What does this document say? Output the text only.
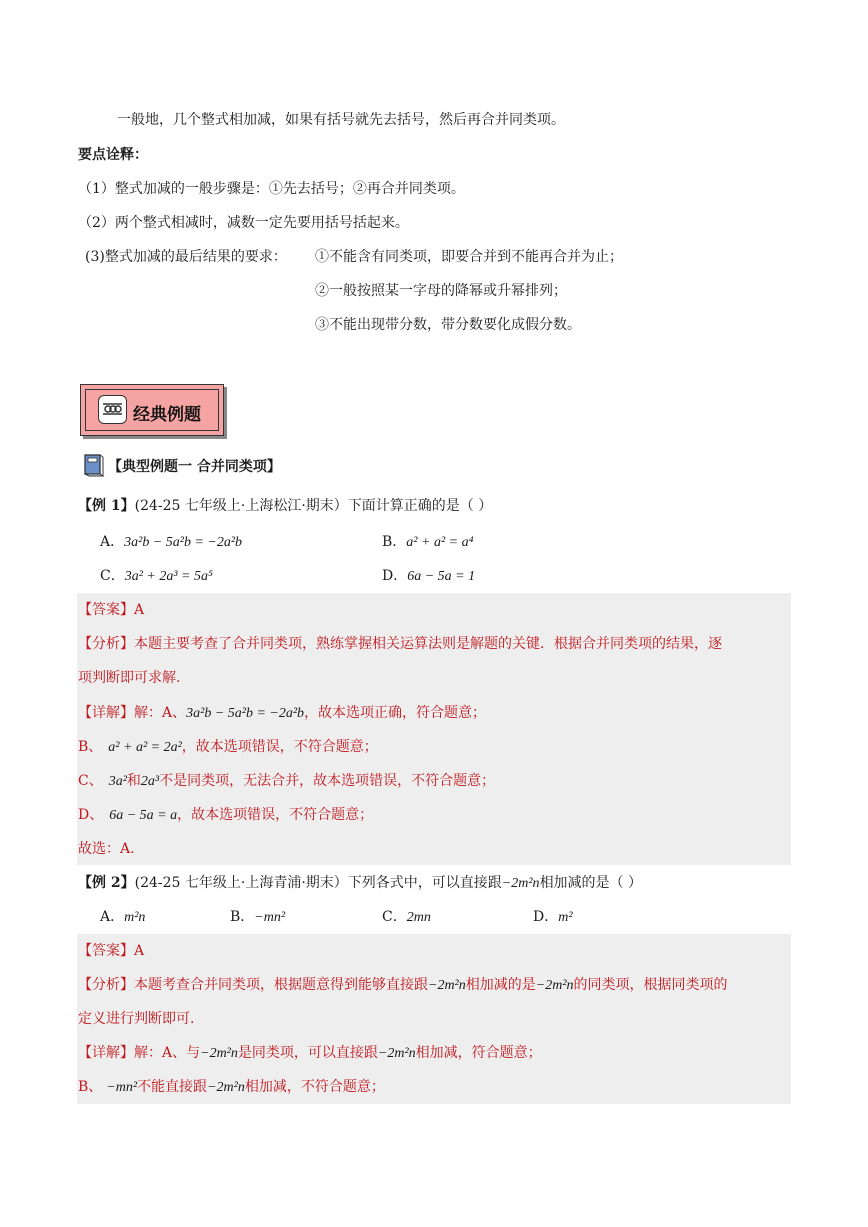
一般地，几个整式相加减，如果有括号就先去括号，然后再合并同类项。
要点诠释：
（1）整式加减的一般步骤是：①先去括号；②再合并同类项。
（2）两个整式相减时，减数一定先要用括号括起来。
(3)整式加减的最后结果的要求： ①不能含有同类项，即要合并到不能再合并为止；
②一般按照某一字母的降幂或升幂排列；
③不能出现带分数，带分数要化成假分数。
经典例题
【典型例题一 合并同类项】
【例 1】(24-25 七年级上·上海松江·期末）下面计算正确的是（ ）
A．3a²b − 5a²b = −2a²b	B．a² + a² = a⁴
C．3a² + 2a³ = 5a⁵	D．6a − 5a = 1
【答案】A
【分析】本题主要考查了合并同类项，熟练掌握相关运算法则是解题的关键．根据合并同类项的结果，逐
项判断即可求解.
【详解】解：A、3a²b − 5a²b = −2a²b，故本选项正确，符合题意；
B、 a² + a² = 2a²，故本选项错误，不符合题意；
C、 3a²和2a³不是同类项，无法合并，故本选项错误，不符合题意；
D、 6a − 5a = a，故本选项错误，不符合题意；
故选：A.
【例 2】(24-25 七年级上·上海青浦·期末）下列各式中，可以直接跟−2m²n相加减的是（ ）
A．m²n	B．−mn²	C．2mn	D．m²
【答案】A
【分析】本题考查合并同类项，根据题意得到能够直接跟−2m²n相加减的是−2m²n的同类项，根据同类项的
定义进行判断即可.
【详解】解：A、与−2m²n是同类项，可以直接跟−2m²n相加减，符合题意；
B、 −mn²不能直接跟−2m²n相加减，不符合题意；
